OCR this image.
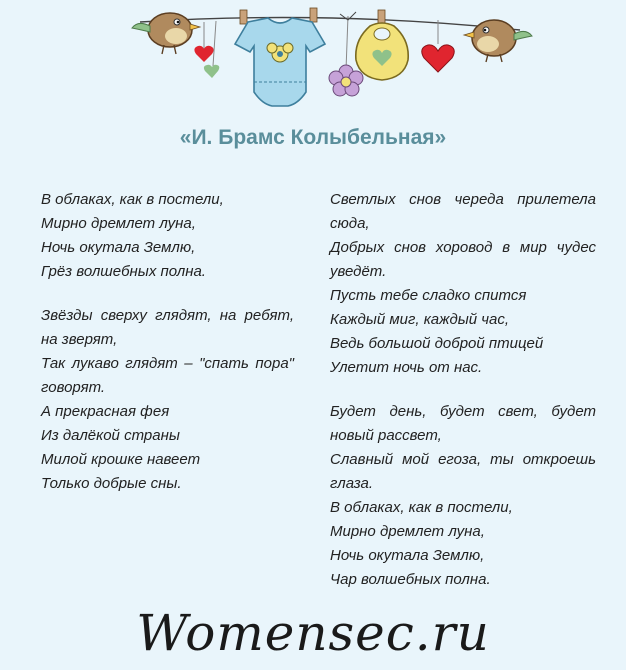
«И. Брамс Колыбельная»
В облаках, как в постели,
Мирно дремлет луна,
Ночь окутала Землю,
Грёз волшебных полна.
Звёзды сверху глядят, на ребят, на зверят,
Так лукаво глядят – "спать пора" говорят.
А прекрасная фея
Из далёкой страны
Милой крошке навеет
Только добрые сны.
Светлых снов череда прилетела сюда,
Добрых снов хоровод в мир чудес уведёт.
Пусть тебе сладко спится
Каждый миг, каждый час,
Ведь большой доброй птицей
Улетит ночь от нас.
Будет день, будет свет, будет новый рассвет,
Славный мой егоза, ты откроешь глаза.
В облаках, как в постели,
Мирно дремлет луна,
Ночь окутала Землю,
Чар волшебных полна.
Womensec.ru
